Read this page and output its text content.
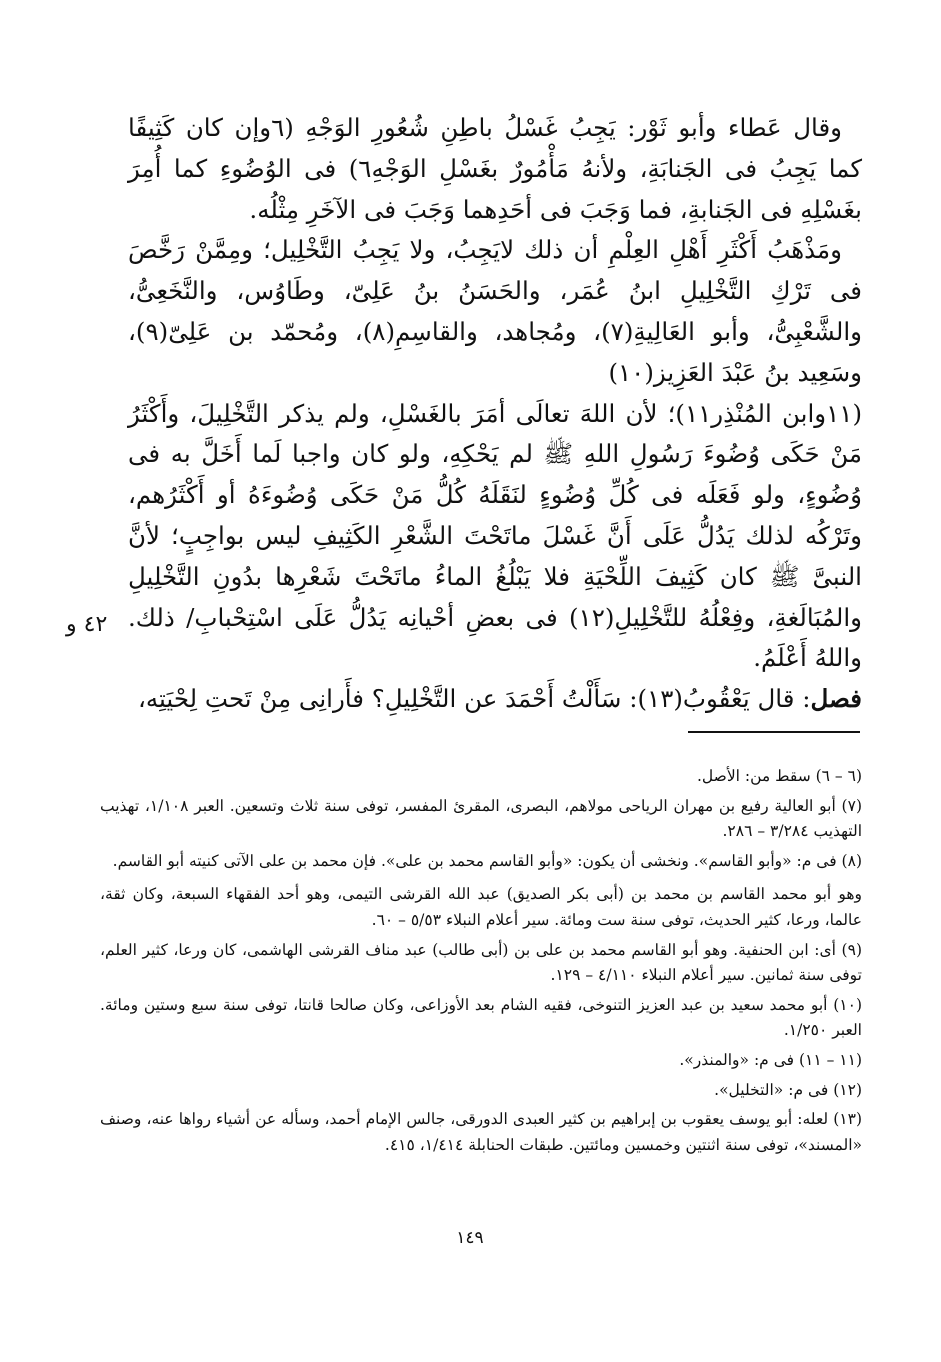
وقال عَطاء وأبو ثَوْر: يَجِبُ غَسْلُ باطِنِ شُعُورِ الوَجْهِ (٦وإن كان كَثِيفًا كما يَجِبُ فى الجَنابَةِ، ولأنهُ مَأْمُورٌ بغَسْلِ الوَجْهِ٦) فى الوُضُوءِ كما أُمِرَ بغَسْلِهِ فى الجَنابةِ، فما وَجَبَ فى أحَدِهما وَجَبَ فى الآخَرِ مِثْلُه.

ومَذْهَبُ أَكْثَرِ أَهْلِ العِلْمِ أن ذلك لايَجِبُ، ولا يَجِبُ التَّخْلِيل؛ ومِمَّنْ رَخَّصَ فى تَرْكِ التَّخْلِيلِ ابنُ عُمَر، والحَسَنُ بنُ عَلِىّ، وطَاوُس، والنَّخَعِىُّ، والشَّعْبِىُّ، وأبو العَالِيةِ(٧)، ومُجاهد، والقاسِمِ(٨)، ومُحمّد بن عَلِىّ(٩)، وسَعِيد بنُ عَبْدَ العَزِيز(١٠)

(١١وابن المُنْذِر١١)؛ لأن اللهَ تعالَى أمَرَ بالغَسْلِ، ولم يذكر التَّخْلِيلَ، وأَكْثَرُ مَنْ حَكَى وُضُوءَ رَسُولِ اللهِ ﷺ لم يَحْكِهِ، ولو كان واجبا لَما أَخَلَّ به فى وُضُوءٍ، ولو فَعَلَه فى كُلِّ وُضُوءٍ لنَقَلَهُ كُلُّ مَنْ حَكَى وُضُوءَهُ أو أَكْثَرُهم، وتَرْكُه لذلك يَدُلُّ عَلَى أَنَّ غَسْلَ ماتَحْتَ الشَّعْرِ الكَثِيفِ ليس بواجِبٍ؛ لأنَّ النبىَّ ﷺ كان كَثِيفَ اللِّحْيَةِ فلا يَبْلُغُ الماءُ ماتَحْتَ شَعْرِها بدُونِ التَّخْلِيلِ والمُبَالَغةِ، وفِعْلُهُ للتَّخْلِيلِ(١٢) فى بعضِ أحْيانِه يَدُلُّ عَلَى اسْتِحْبابِ/ ذلك. واللهُ أَعْلَمُ.

فصل: قال يَعْقُوبُ(١٣): سَأَلْتُ أَحْمَدَ عن التَّخْلِيلِ؟ فأَرانِى مِنْ تَحتِ لِحْيَتِه،

٤٢ و

(٦ – ٦) سقط من: الأصل.

(٧) أبو العالية رفيع بن مهران الرياحى مولاهم، البصرى، المقرئ المفسر، توفى سنة ثلاث وتسعين. العبر ١/١٠٨، تهذيب التهذيب ٣/٢٨٤ – ٢٨٦.

(٨) فى م: «وأبو القاسم». ونخشى أن يكون: «وأبو القاسم محمد بن على». فإن محمد بن على الآتى كنيته أبو القاسم.

وهو أبو محمد القاسم بن محمد بن (أبى بكر الصديق) عبد الله القرشى التيمى، وهو أحد الفقهاء السبعة، وكان ثقة، عالما، ورعا، كثير الحديث، توفى سنة ست ومائة. سير أعلام النبلاء ٥/٥٣ – ٦٠.

(٩) أى: ابن الحنفية. وهو أبو القاسم محمد بن على بن (أبى طالب) عبد مناف القرشى الهاشمى، كان ورعا، كثير العلم، توفى سنة ثمانين. سير أعلام النبلاء ٤/١١٠ – ١٢٩.

(١٠) أبو محمد سعيد بن عبد العزيز التنوخى، فقيه الشام بعد الأوزاعى، وكان صالحا قانتا، توفى سنة سبع وستين ومائة. العبر ١/٢٥٠.

(١١ – ١١) فى م: «والمنذر».

(١٢) فى م: «التخليل».

(١٣) لعله: أبو يوسف يعقوب بن إبراهيم بن كثير العبدى الدورقى، جالس الإمام أحمد، وسأله عن أشياء رواها عنه، وصنف «المسند»، توفى سنة اثنتين وخمسين ومائتين. طبقات الحنابلة ١/٤١٤، ٤١٥.

١٤٩
